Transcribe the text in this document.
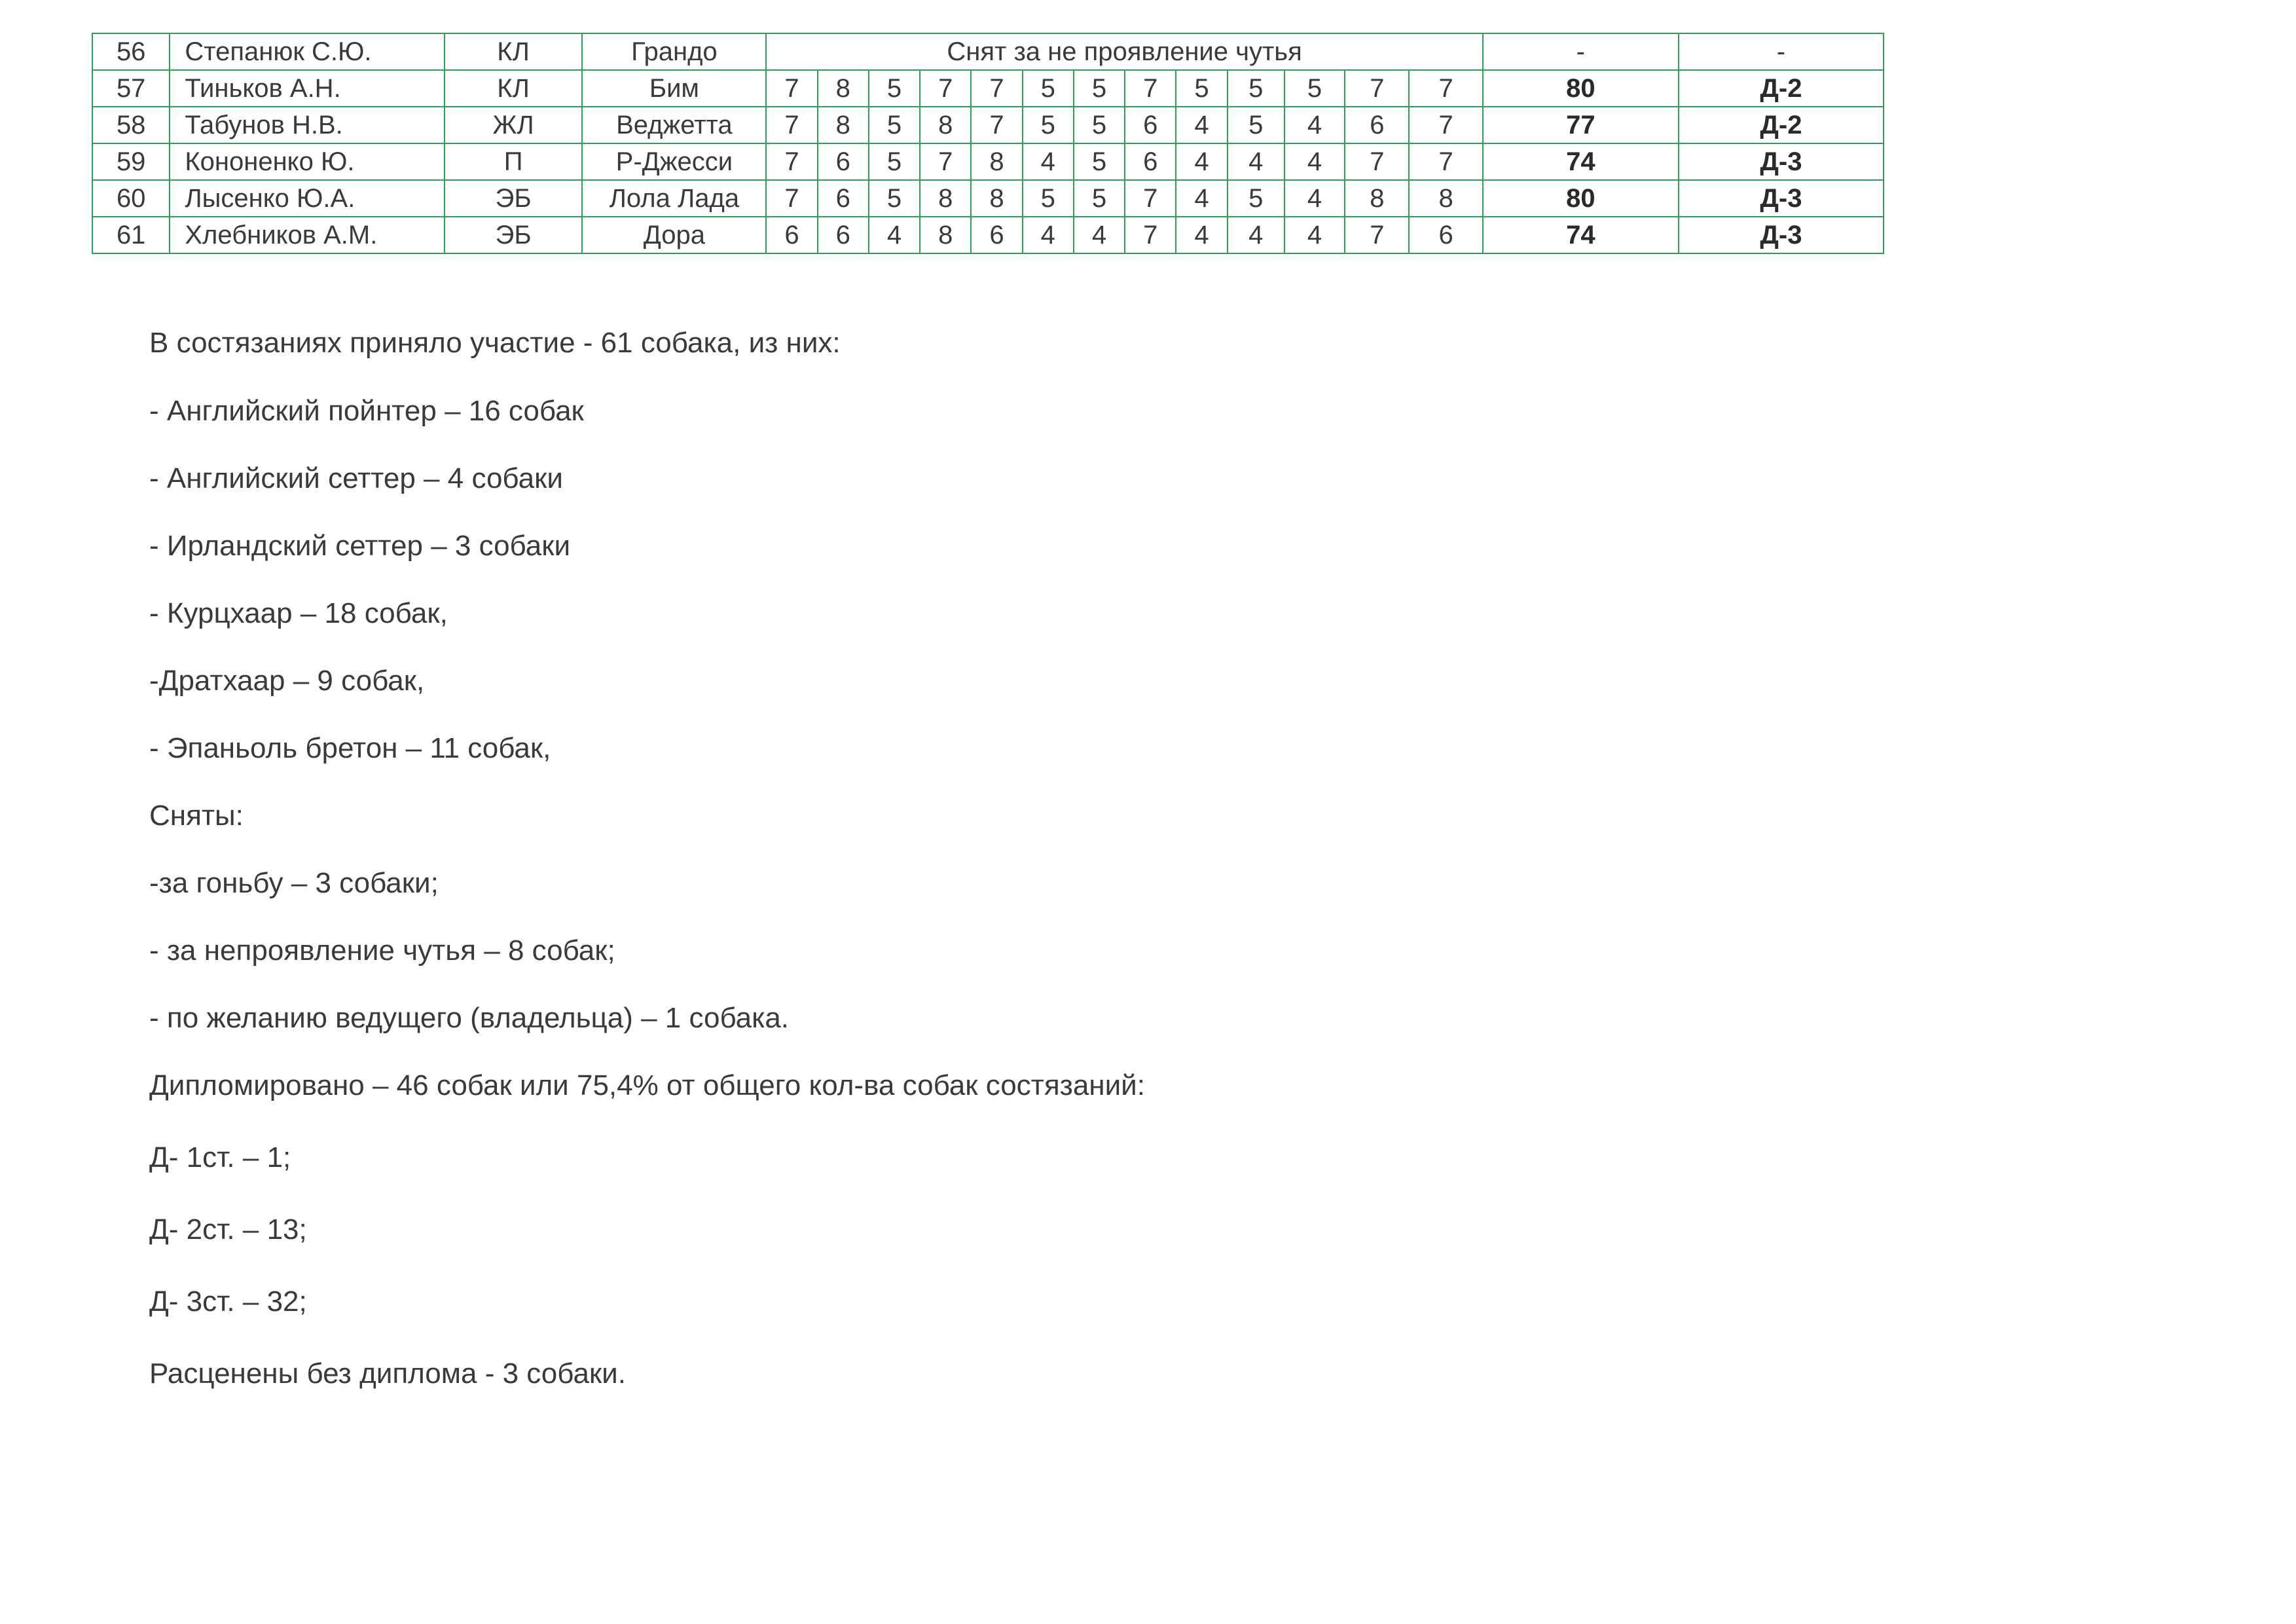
56	Степанюк С.Ю.	КЛ	Грандо	Снят за не проявление чутья													-	-
57	Тиньков А.Н.	КЛ	Бим	7	8	5	7	7	5	5	7	5	5	5	7	7	80	Д-2
58	Табунов Н.В.	ЖЛ	Веджетта	7	8	5	8	7	5	5	6	4	5	4	6	7	77	Д-2
59	Кононенко Ю.	П	Р-Джесси	7	6	5	7	8	4	5	6	4	4	4	7	7	74	Д-3
60	Лысенко Ю.А.	ЭБ	Лола Лада	7	6	5	8	8	5	5	7	4	5	4	8	8	80	Д-3
61	Хлебников А.М.	ЭБ	Дора	6	6	4	8	6	4	4	7	4	4	4	7	6	74	Д-3

В состязаниях приняло участие - 61 собака, из них:

- Английский пойнтер – 16 собак

- Английский сеттер – 4 собаки

- Ирландский сеттер – 3 собаки

- Курцхаар – 18 собак,

-Дратхаар – 9 собак,

- Эпаньоль бретон – 11 собак,

Сняты:

-за гоньбу – 3 собаки;

- за непроявление чутья – 8 собак;

- по желанию ведущего (владельца) – 1 собака.

Дипломировано – 46 собак или 75,4% от общего кол-ва собак состязаний:

Д- 1ст. – 1;

Д- 2ст. – 13;

Д- 3ст. – 32;

Расценены без диплома - 3 собаки.
